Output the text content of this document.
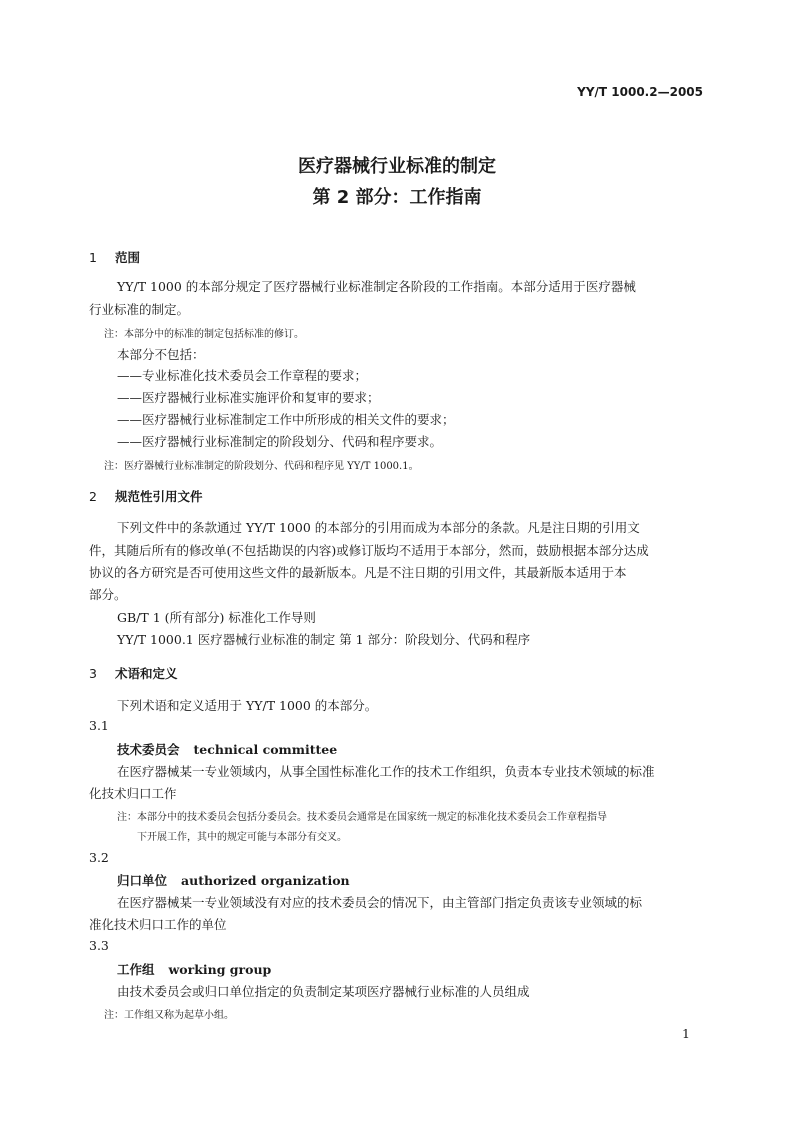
YY/T 1000.2—2005
医疗器械行业标准的制定
第 2 部分：工作指南
1 范围
YY/T 1000 的本部分规定了医疗器械行业标准制定各阶段的工作指南。本部分适用于医疗器械
行业标准的制定。
注：本部分中的标准的制定包括标准的修订。
本部分不包括：
——专业标准化技术委员会工作章程的要求；
——医疗器械行业标准实施评价和复审的要求；
——医疗器械行业标准制定工作中所形成的相关文件的要求；
——医疗器械行业标准制定的阶段划分、代码和程序要求。
注：医疗器械行业标准制定的阶段划分、代码和程序见 YY/T 1000.1。
2 规范性引用文件
下列文件中的条款通过 YY/T 1000 的本部分的引用而成为本部分的条款。凡是注日期的引用文
件，其随后所有的修改单(不包括勘误的内容)或修订版均不适用于本部分，然而，鼓励根据本部分达成
协议的各方研究是否可使用这些文件的最新版本。凡是不注日期的引用文件，其最新版本适用于本
部分。
GB/T 1 (所有部分) 标准化工作导则
YY/T 1000.1 医疗器械行业标准的制定 第 1 部分：阶段划分、代码和程序
3 术语和定义
下列术语和定义适用于 YY/T 1000 的本部分。
3.1
技术委员会 technical committee
在医疗器械某一专业领域内，从事全国性标准化工作的技术工作组织，负责本专业技术领域的标准
化技术归口工作
注：本部分中的技术委员会包括分委员会。技术委员会通常是在国家统一规定的标准化技术委员会工作章程指导
下开展工作，其中的规定可能与本部分有交叉。
3.2
归口单位 authorized organization
在医疗器械某一专业领域没有对应的技术委员会的情况下，由主管部门指定负责该专业领域的标
准化技术归口工作的单位
3.3
工作组 working group
由技术委员会或归口单位指定的负责制定某项医疗器械行业标准的人员组成
注：工作组又称为起草小组。
1
